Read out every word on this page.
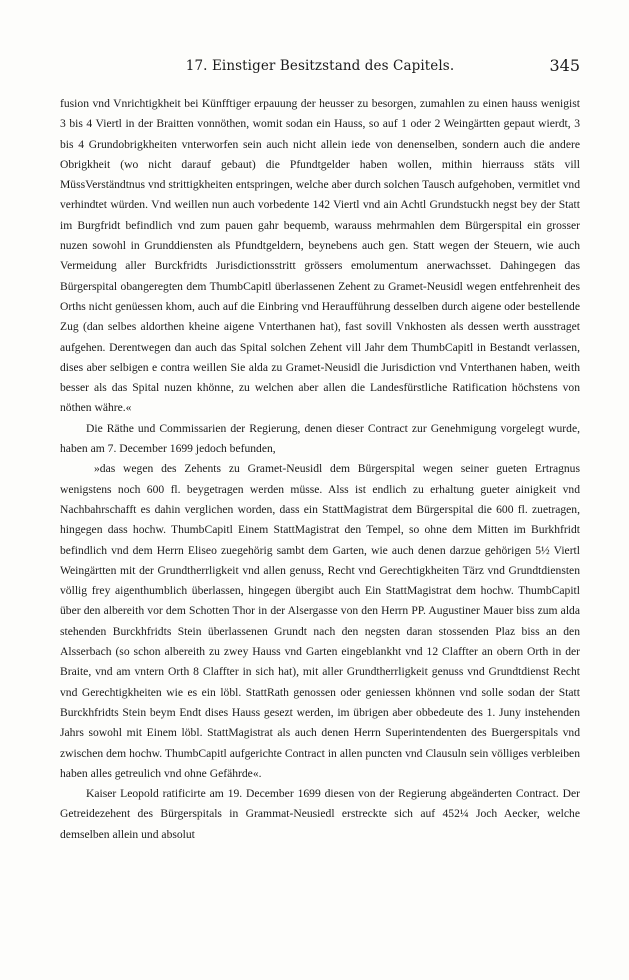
17. Einstiger Besitzstand des Capitels.	345

fusion vnd Vnrichtigkheit bei Künfftiger erpauung der heusser zu besorgen, zumahlen zu einen hauss wenigist 3 bis 4 Viertl in der Braitten vonnöthen, womit sodan ein Hauss, so auf 1 oder 2 Weingärtten gepaut wierdt, 3 bis 4 Grundobrigkheiten vnterworfen sein auch nicht allein iede von denenselben, sondern auch die andere Obrigkheit (wo nicht darauf gebaut) die Pfundtgelder haben wollen, mithin hierrauss stäts vill MüssVerständtnus vnd strittigkheiten entspringen, welche aber durch solchen Tausch aufgehoben, vermitlet vnd verhindtet würden. Vnd weillen nun auch vorbedente 142 Viertl vnd ain Achtl Grundstuckh negst bey der Statt im Burgfridt befindlich vnd zum pauen gahr bequemb, warauss mehrmahlen dem Bürgerspital ein grosser nuzen sowohl in Grunddiensten als Pfundtgeldern, beynebens auch gen. Statt wegen der Steuern, wie auch Vermeidung aller Burckfridts Jurisdictionsstritt grössers emolumentum anerwachsset. Dahingegen das Bürgerspital obangeregten dem ThumbCapitl überlassenen Zehent zu Gramet-Neusidl wegen entfehrenheit des Orths nicht genüessen khom, auch auf die Einbring vnd Heraufführung desselben durch aigene oder bestellende Zug (dan selbes aldorthen kheine aigene Vnterthanen hat), fast sovill Vnkhosten als dessen werth ausstraget aufgehen. Derentwegen dan auch das Spital solchen Zehent vill Jahr dem ThumbCapitl in Bestandt verlassen, dises aber selbigen e contra weillen Sie alda zu Gramet-Neusidl die Jurisdiction vnd Vnterthanen haben, weith besser als das Spital nuzen khönne, zu welchen aber allen die Landesfürstliche Ratification höchstens von nöthen währe.«

Die Räthe und Commissarien der Regierung, denen dieser Contract zur Genehmigung vorgelegt wurde, haben am 7. December 1699 jedoch befunden,

»das wegen des Zehents zu Gramet-Neusidl dem Bürgerspital wegen seiner gueten Ertragnus wenigstens noch 600 fl. beygetragen werden müsse. Alss ist endlich zu erhaltung gueter ainigkeit vnd Nachbahrschafft es dahin verglichen worden, dass ein StattMagistrat dem Bürgerspital die 600 fl. zuetragen, hingegen dass hochw. ThumbCapitl Einem StattMagistrat den Tempel, so ohne dem Mitten im Burkhfridt befindlich vnd dem Herrn Eliseo zuegehörig sambt dem Garten, wie auch denen darzue gehörigen 5½ Viertl Weingärtten mit der Grundtherrligkeit vnd allen genuss, Recht vnd Gerechtigkheiten Tärz vnd Grundtdiensten völlig frey aigenthumblich überlassen, hingegen übergibt auch Ein StattMagistrat dem hochw. ThumbCapitl über den albereith vor dem Schotten Thor in der Alsergasse von den Herrn PP. Augustiner Mauer biss zum alda stehenden Burckhfridts Stein überlassenen Grundt nach den negsten daran stossenden Plaz biss an den Alsserbach (so schon albereith zu zwey Hauss vnd Garten eingeblankht vnd 12 Claffter an obern Orth in der Braite, vnd am vntern Orth 8 Claffter in sich hat), mit aller Grundtherrligkeit genuss vnd Grundtdienst Recht vnd Gerechtigkheiten wie es ein löbl. StattRath genossen oder geniessen khönnen vnd solle sodan der Statt Burckhfridts Stein beym Endt dises Hauss gesezt werden, im übrigen aber obbedeute des 1. Juny instehenden Jahrs sowohl mit Einem löbl. StattMagistrat als auch denen Herrn Superintendenten des Buergerspitals vnd zwischen dem hochw. ThumbCapitl aufgerichte Contract in allen puncten vnd Clausuln sein völliges verbleiben haben alles getreulich vnd ohne Gefährde«.

Kaiser Leopold ratificirte am 19. December 1699 diesen von der Regierung abgeänderten Contract. Der Getreidezehent des Bürgerspitals in Grammat-Neusiedl erstreckte sich auf 452¼ Joch Aecker, welche demselben allein und absolut
